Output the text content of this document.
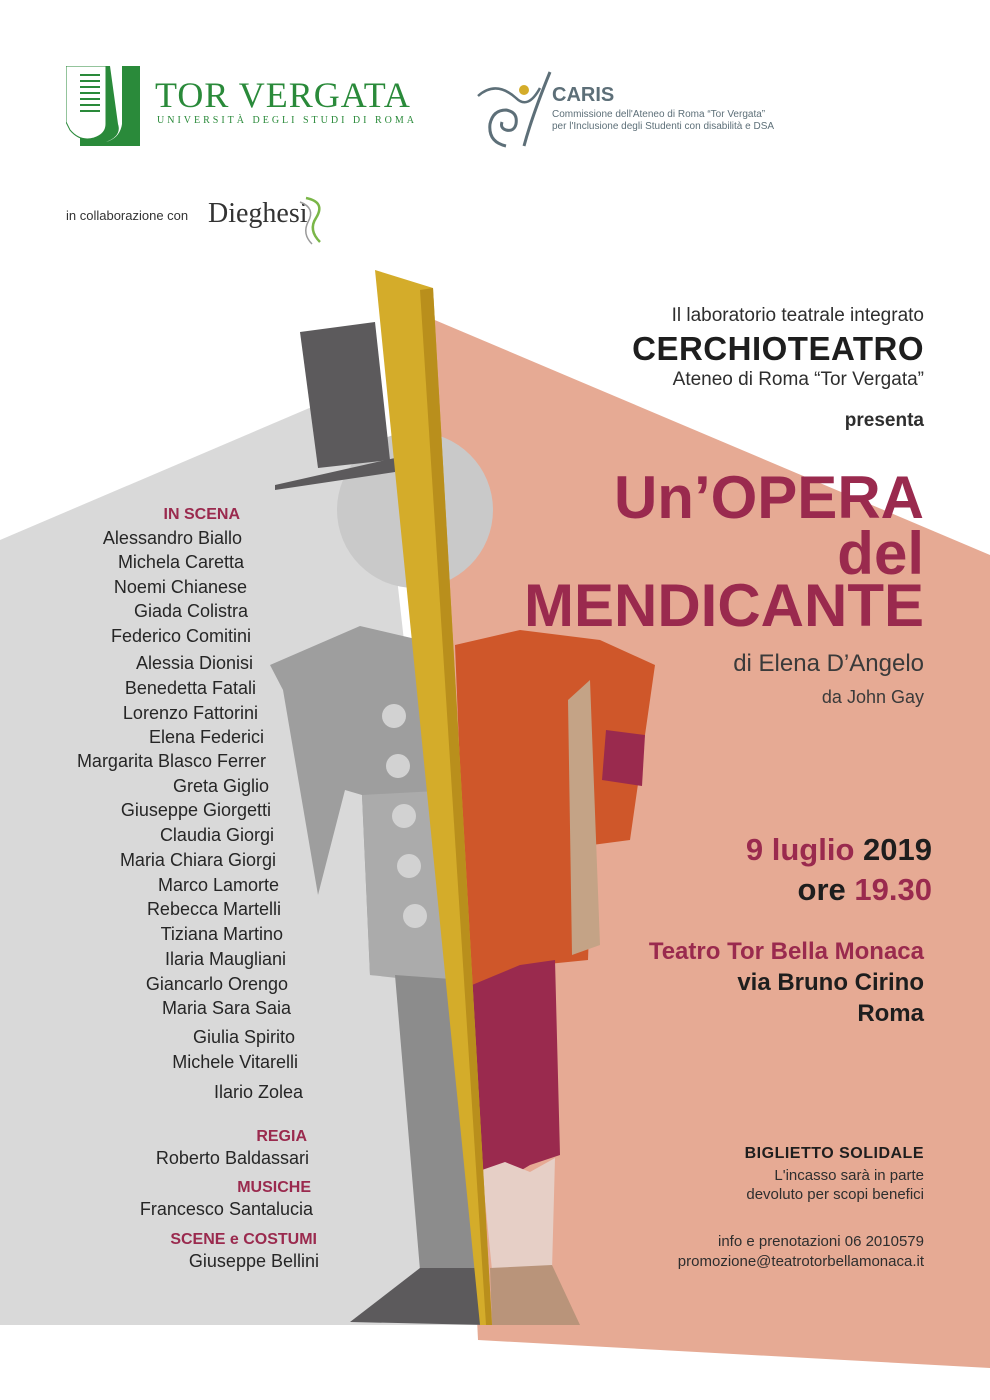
TOR VERGATA
UNIVERSITÀ DEGLI STUDI DI ROMA
CARIS
Commissione dell'Ateneo di Roma “Tor Vergata”
per l'Inclusione degli Studenti con disabilità e DSA
in collaborazione con Dieghesi
Il laboratorio teatrale integrato
CERCHIOTEATRO
Ateneo di Roma “Tor Vergata”
presenta
Un’OPERA
del
MENDICANTE
di Elena D’Angelo
da John Gay
9 luglio 2019
ore 19.30
Teatro Tor Bella Monaca
via Bruno Cirino
Roma
BIGLIETTO SOLIDALE
L'incasso sarà in parte
devoluto per scopi benefici
info e prenotazioni 06 2010579
promozione@teatrotorbellamonaca.it
IN SCENA
Alessandro Biallo
Michela Caretta
Noemi Chianese
Giada Colistra
Federico Comitini
Alessia Dionisi
Benedetta Fatali
Lorenzo Fattorini
Elena Federici
Margarita Blasco Ferrer
Greta Giglio
Giuseppe Giorgetti
Claudia Giorgi
Maria Chiara Giorgi
Marco Lamorte
Rebecca Martelli
Tiziana Martino
Ilaria Maugliani
Giancarlo Orengo
Maria Sara Saia
Giulia Spirito
Michele Vitarelli
Ilario Zolea
REGIA
Roberto Baldassari
MUSICHE
Francesco Santalucia
SCENE e COSTUMI
Giuseppe Bellini
